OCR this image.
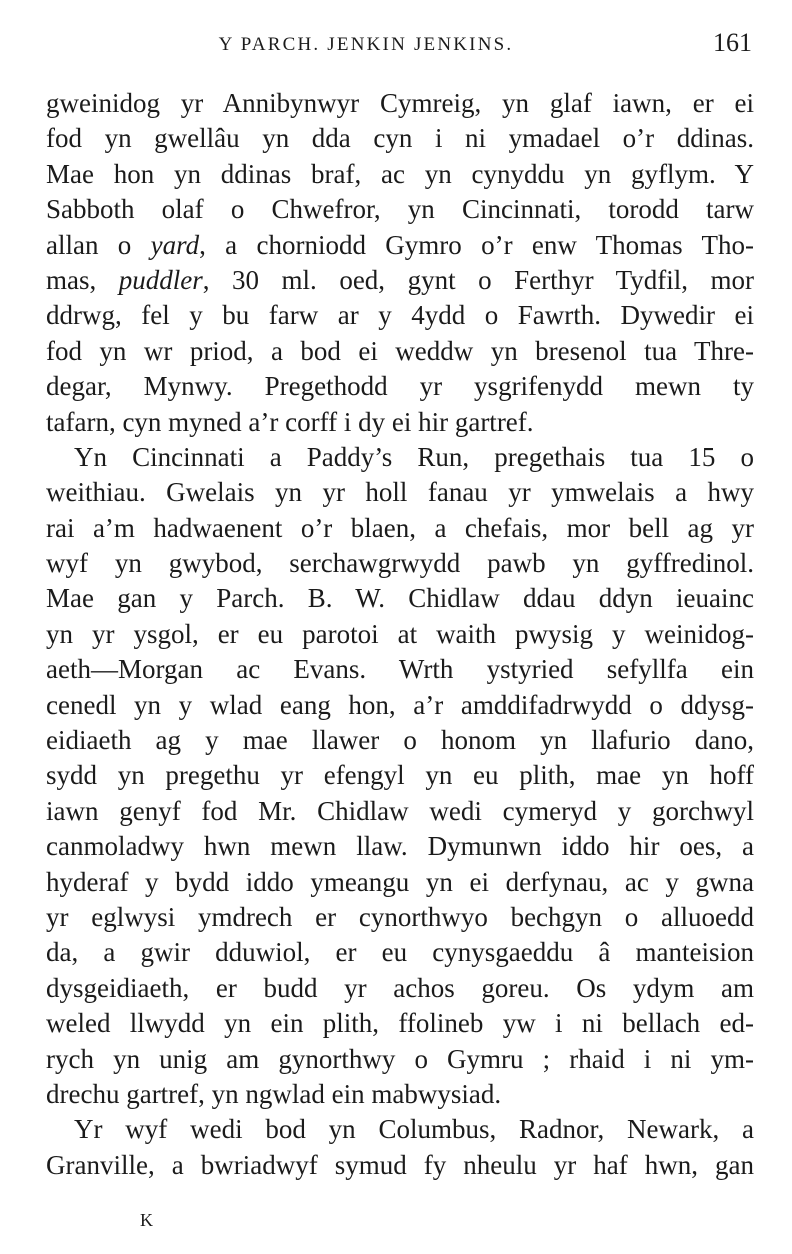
Y PARCH. JENKIN JENKINS.	161
gweinidog yr Annibynwyr Cymreig, yn glaf iawn, er ei
fod yn gwellâu yn dda cyn i ni ymadael o’r ddinas.
Mae hon yn ddinas braf, ac yn cynyddu yn gyflym. Y
Sabboth olaf o Chwefror, yn Cincinnati, torodd tarw
allan o yard, a chorniodd Gymro o’r enw Thomas Tho-
mas, puddler, 30 ml. oed, gynt o Ferthyr Tydfil, mor
ddrwg, fel y bu farw ar y 4ydd o Fawrth. Dywedir ei
fod yn wr priod, a bod ei weddw yn bresenol tua Thre-
degar, Mynwy. Pregethodd yr ysgrifenydd mewn ty
tafarn, cyn myned a’r corff i dy ei hir gartref.
Yn Cincinnati a Paddy’s Run, pregethais tua 15 o
weithiau. Gwelais yn yr holl fanau yr ymwelais a hwy
rai a’m hadwaenent o’r blaen, a chefais, mor bell ag yr
wyf yn gwybod, serchawgrwydd pawb yn gyffredinol.
Mae gan y Parch. B. W. Chidlaw ddau ddyn ieuainc
yn yr ysgol, er eu parotoi at waith pwysig y weinidog-
aeth—Morgan ac Evans. Wrth ystyried sefyllfa ein
cenedl yn y wlad eang hon, a’r amddifadrwydd o ddysg-
eidiaeth ag y mae llawer o honom yn llafurio dano,
sydd yn pregethu yr efengyl yn eu plith, mae yn hoff
iawn genyf fod Mr. Chidlaw wedi cymeryd y gorchwyl
canmoladwy hwn mewn llaw. Dymunwn iddo hir oes, a
hyderaf y bydd iddo ymeangu yn ei derfynau, ac y gwna
yr eglwysi ymdrech er cynorthwyo bechgyn o alluoedd
da, a gwir dduwiol, er eu cynysgaeddu â manteision
dysgeidiaeth, er budd yr achos goreu. Os ydym am
weled llwydd yn ein plith, ffolineb yw i ni bellach ed-
rych yn unig am gynorthwy o Gymru ; rhaid i ni ym-
drechu gartref, yn ngwlad ein mabwysiad.
Yr wyf wedi bod yn Columbus, Radnor, Newark, a
Granville, a bwriadwyf symud fy nheulu yr haf hwn, gan
K
